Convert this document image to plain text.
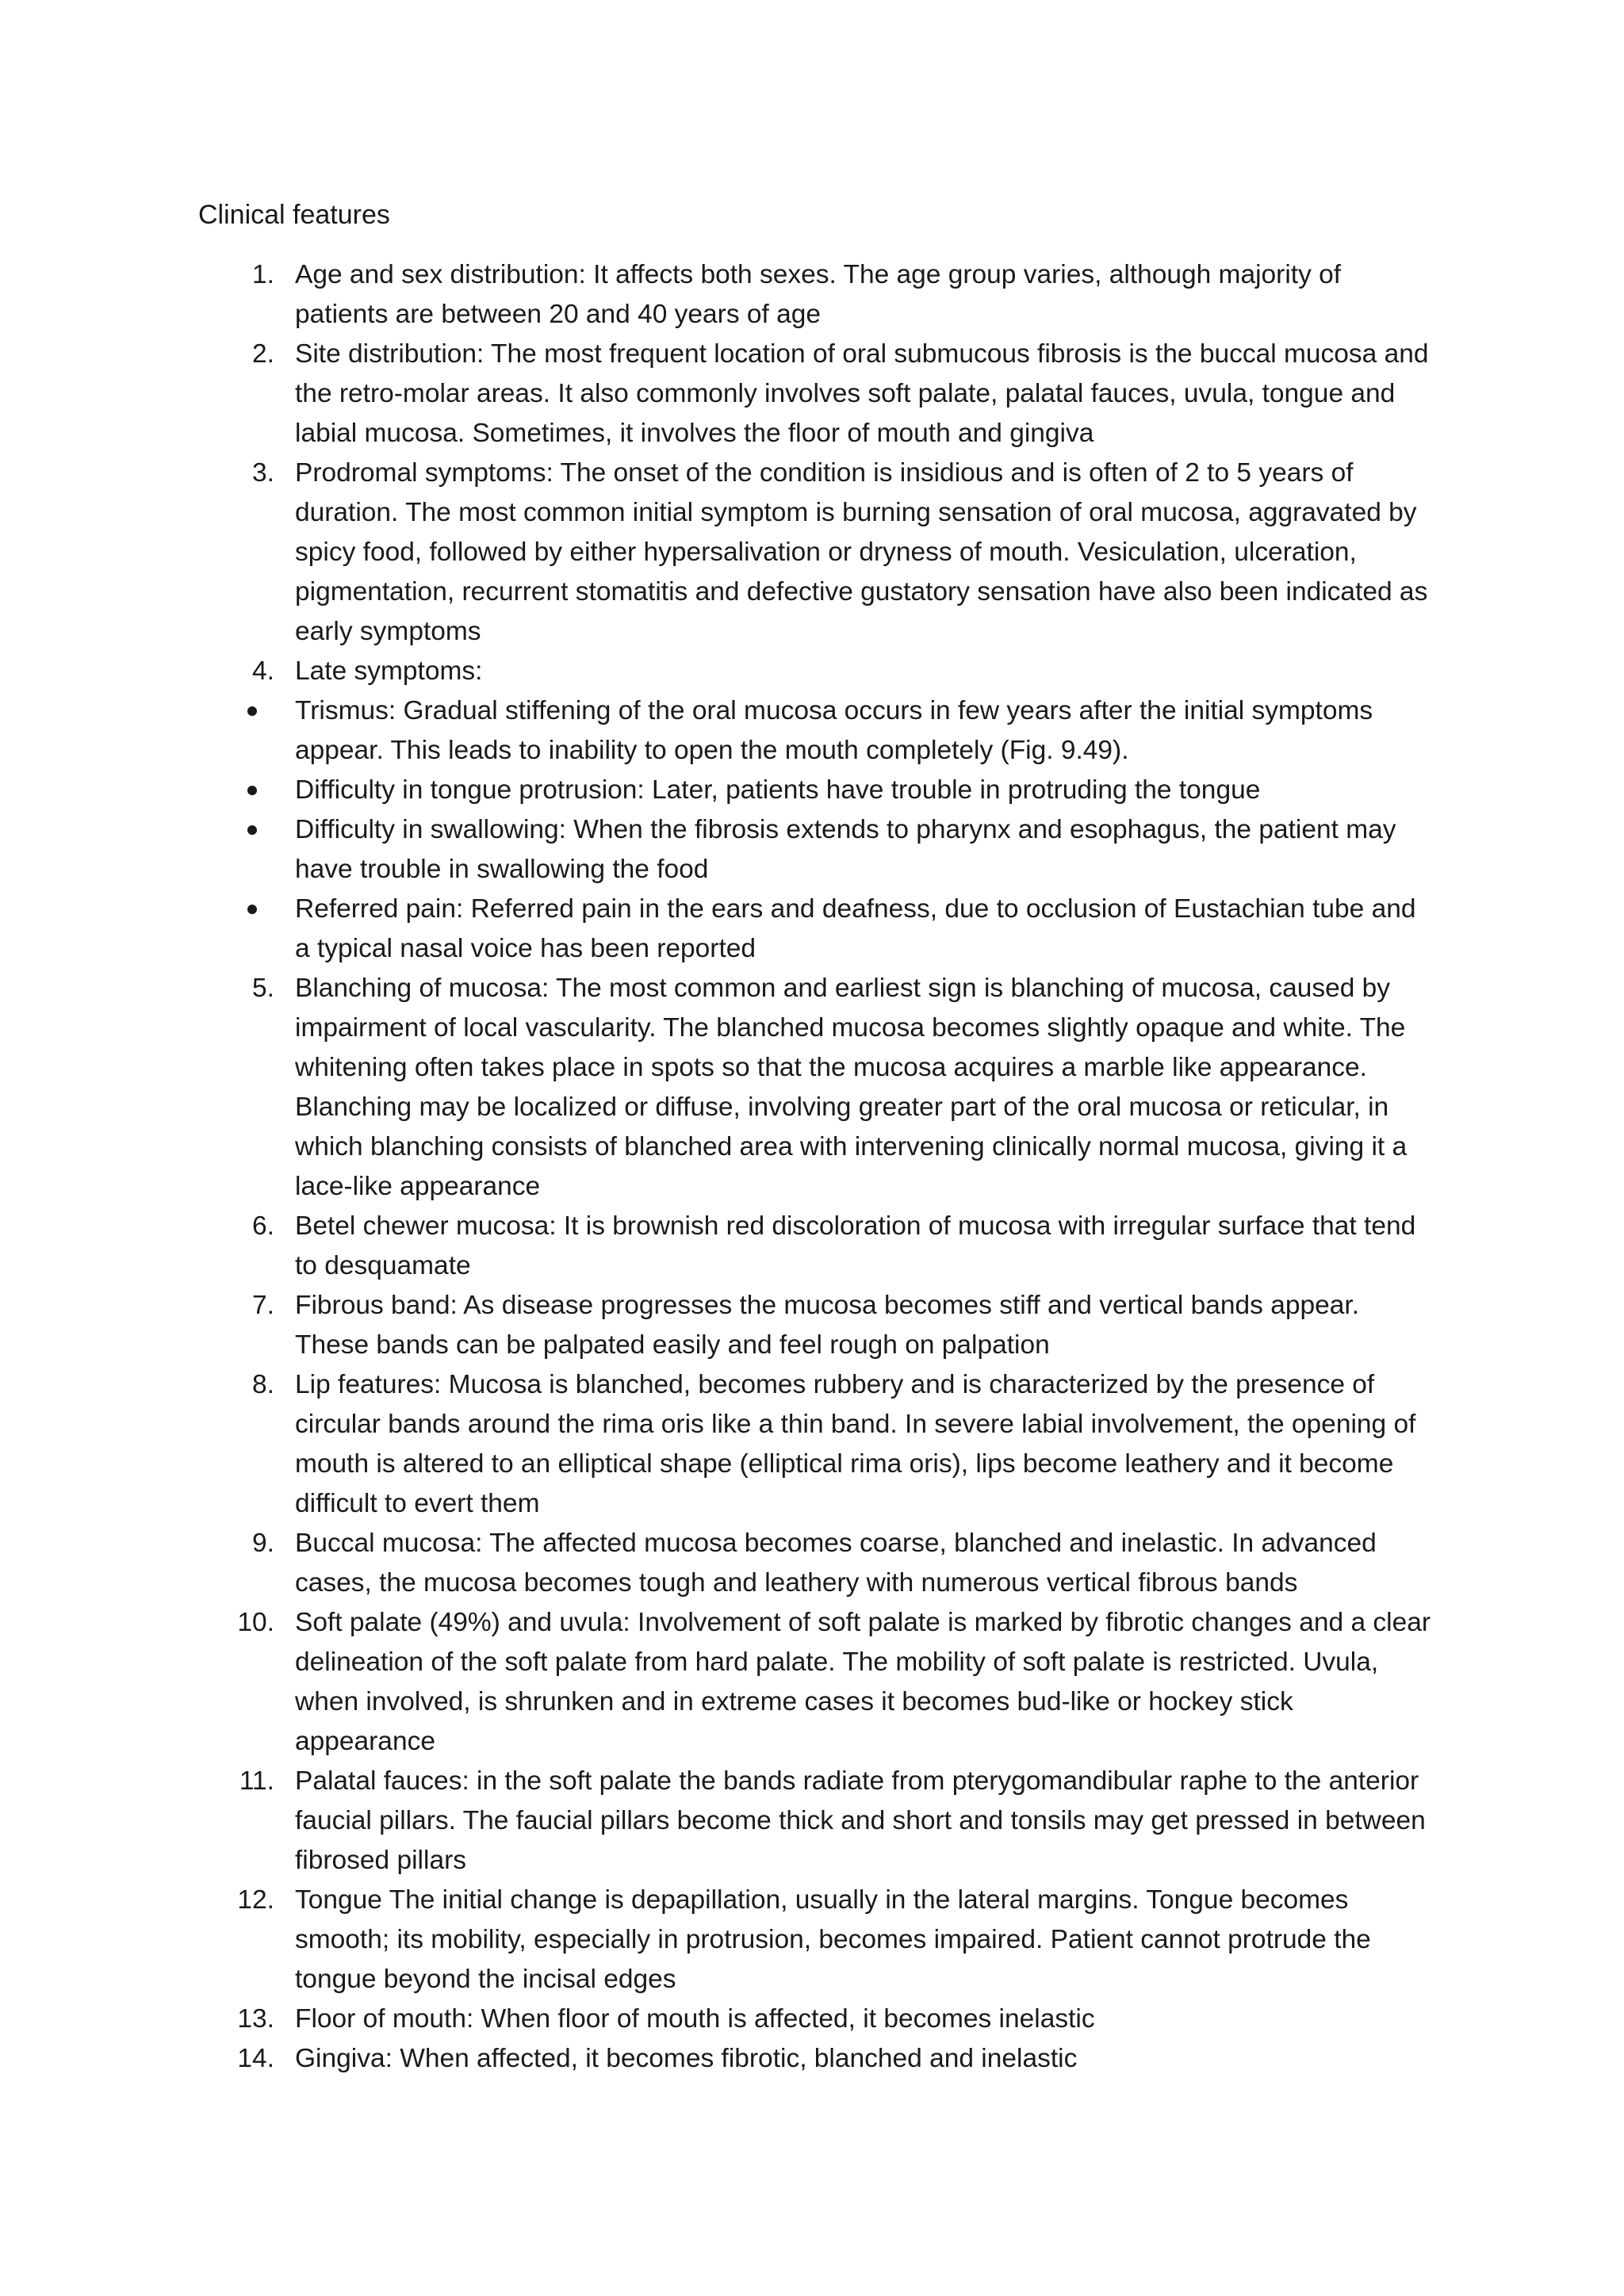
Clinical features
1. Age and sex distribution: It affects both sexes. The age group varies, although majority of patients are between 20 and 40 years of age
2. Site distribution: The most frequent location of oral submucous fibrosis is the buccal mucosa and the retro-molar areas. It also commonly involves soft palate, palatal fauces, uvula, tongue and labial mucosa. Sometimes, it involves the floor of mouth and gingiva
3. Prodromal symptoms: The onset of the condition is insidious and is often of 2 to 5 years of duration. The most common initial symptom is burning sensation of oral mucosa, aggravated by spicy food, followed by either hypersalivation or dryness of mouth. Vesiculation, ulceration, pigmentation, recurrent stomatitis and defective gustatory sensation have also been indicated as early symptoms
4. Late symptoms:
Trismus: Gradual stiffening of the oral mucosa occurs in few years after the initial symptoms appear. This leads to inability to open the mouth completely (Fig. 9.49).
Difficulty in tongue protrusion: Later, patients have trouble in protruding the tongue
Difficulty in swallowing: When the fibrosis extends to pharynx and esophagus, the patient may have trouble in swallowing the food
Referred pain: Referred pain in the ears and deafness, due to occlusion of Eustachian tube and a typical nasal voice has been reported
5. Blanching of mucosa: The most common and earliest sign is blanching of mucosa, caused by impairment of local vascularity. The blanched mucosa becomes slightly opaque and white. The whitening often takes place in spots so that the mucosa acquires a marble like appearance. Blanching may be localized or diffuse, involving greater part of the oral mucosa or reticular, in which blanching consists of blanched area with intervening clinically normal mucosa, giving it a lace-like appearance
6. Betel chewer mucosa: It is brownish red discoloration of mucosa with irregular surface that tend to desquamate
7. Fibrous band: As disease progresses the mucosa becomes stiff and vertical bands appear. These bands can be palpated easily and feel rough on palpation
8. Lip features: Mucosa is blanched, becomes rubbery and is characterized by the presence of circular bands around the rima oris like a thin band. In severe labial involvement, the opening of mouth is altered to an elliptical shape (elliptical rima oris), lips become leathery and it become difficult to evert them
9. Buccal mucosa: The affected mucosa becomes coarse, blanched and inelastic. In advanced cases, the mucosa becomes tough and leathery with numerous vertical fibrous bands
10. Soft palate (49%) and uvula: Involvement of soft palate is marked by fibrotic changes and a clear delineation of the soft palate from hard palate. The mobility of soft palate is restricted. Uvula, when involved, is shrunken and in extreme cases it becomes bud-like or hockey stick appearance
11. Palatal fauces: in the soft palate the bands radiate from pterygomandibular raphe to the anterior faucial pillars. The faucial pillars become thick and short and tonsils may get pressed in between fibrosed pillars
12. Tongue The initial change is depapillation, usually in the lateral margins. Tongue becomes smooth; its mobility, especially in protrusion, becomes impaired. Patient cannot protrude the tongue beyond the incisal edges
13. Floor of mouth: When floor of mouth is affected, it becomes inelastic
14. Gingiva: When affected, it becomes fibrotic, blanched and inelastic
